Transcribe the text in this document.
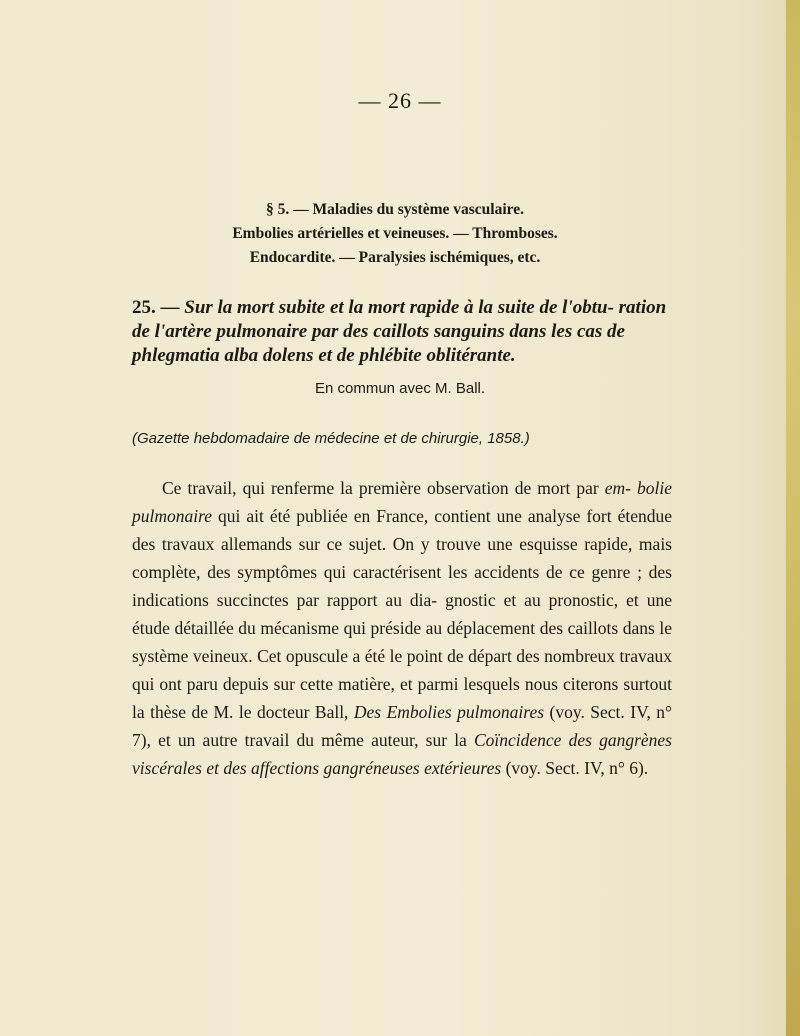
— 26 —
§ 5. — Maladies du système vasculaire.
Embolies artérielles et veineuses. — Thromboses.
Endocardite. — Paralysies ischémiques, etc.
25. — Sur la mort subite et la mort rapide à la suite de l'obtu- ration de l'artère pulmonaire par des caillots sanguins dans les cas de phlegmatia alba dolens et de phlébite oblitérante.
En commun avec M. Ball.
(Gazette hebdomadaire de médecine et de chirurgie, 1858.)
Ce travail, qui renferme la première observation de mort par em- bolie pulmonaire qui ait été publiée en France, contient une analyse fort étendue des travaux allemands sur ce sujet. On y trouve une esquisse rapide, mais complète, des symptômes qui caractérisent les accidents de ce genre ; des indications succinctes par rapport au dia- gnostic et au pronostic, et une étude détaillée du mécanisme qui préside au déplacement des caillots dans le système veineux. Cet opuscule a été le point de départ des nombreux travaux qui ont paru depuis sur cette matière, et parmi lesquels nous citerons surtout la thèse de M. le docteur Ball, Des Embolies pulmonaires (voy. Sect. IV, n° 7), et un autre travail du même auteur, sur la Coïncidence des gangrènes viscérales et des affections gangréneuses extérieures (voy. Sect. IV, n° 6).
